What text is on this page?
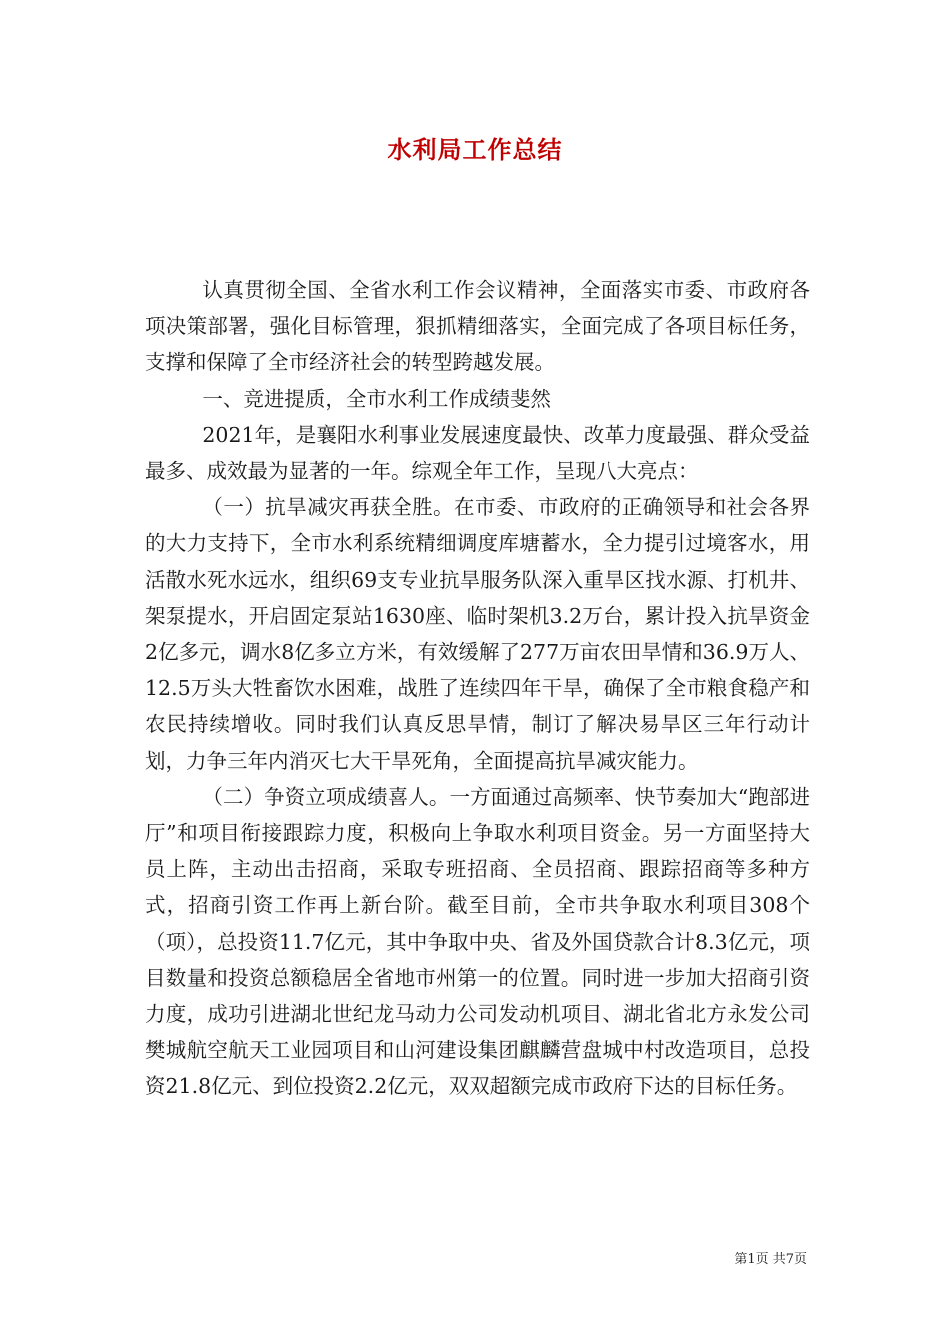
水利局工作总结

认真贯彻全国、全省水利工作会议精神，全面落实市委、市政府各项决策部署，强化目标管理，狠抓精细落实，全面完成了各项目标任务，支撑和保障了全市经济社会的转型跨越发展。

一、竞进提质，全市水利工作成绩斐然

2021年，是襄阳水利事业发展速度最快、改革力度最强、群众受益最多、成效最为显著的一年。综观全年工作，呈现八大亮点：

（一）抗旱减灾再获全胜。在市委、市政府的正确领导和社会各界的大力支持下，全市水利系统精细调度库塘蓄水，全力提引过境客水，用活散水死水远水，组织69支专业抗旱服务队深入重旱区找水源、打机井、架泵提水，开启固定泵站1630座、临时架机3.2万台，累计投入抗旱资金2亿多元，调水8亿多立方米，有效缓解了277万亩农田旱情和36.9万人、12.5万头大牲畜饮水困难，战胜了连续四年干旱，确保了全市粮食稳产和农民持续增收。同时我们认真反思旱情，制订了解决易旱区三年行动计划，力争三年内消灭七大干旱死角，全面提高抗旱减灾能力。

（二）争资立项成绩喜人。一方面通过高频率、快节奏加大“跑部进厅”和项目衔接跟踪力度，积极向上争取水利项目资金。另一方面坚持大员上阵，主动出击招商，采取专班招商、全员招商、跟踪招商等多种方式，招商引资工作再上新台阶。截至目前，全市共争取水利项目308个（项），总投资11.7亿元，其中争取中央、省及外国贷款合计8.3亿元，项目数量和投资总额稳居全省地市州第一的位置。同时进一步加大招商引资力度，成功引进湖北世纪龙马动力公司发动机项目、湖北省北方永发公司樊城航空航天工业园项目和山河建设集团麒麟营盘城中村改造项目，总投资21.8亿元、到位投资2.2亿元，双双超额完成市政府下达的目标任务。

第1页 共7页
